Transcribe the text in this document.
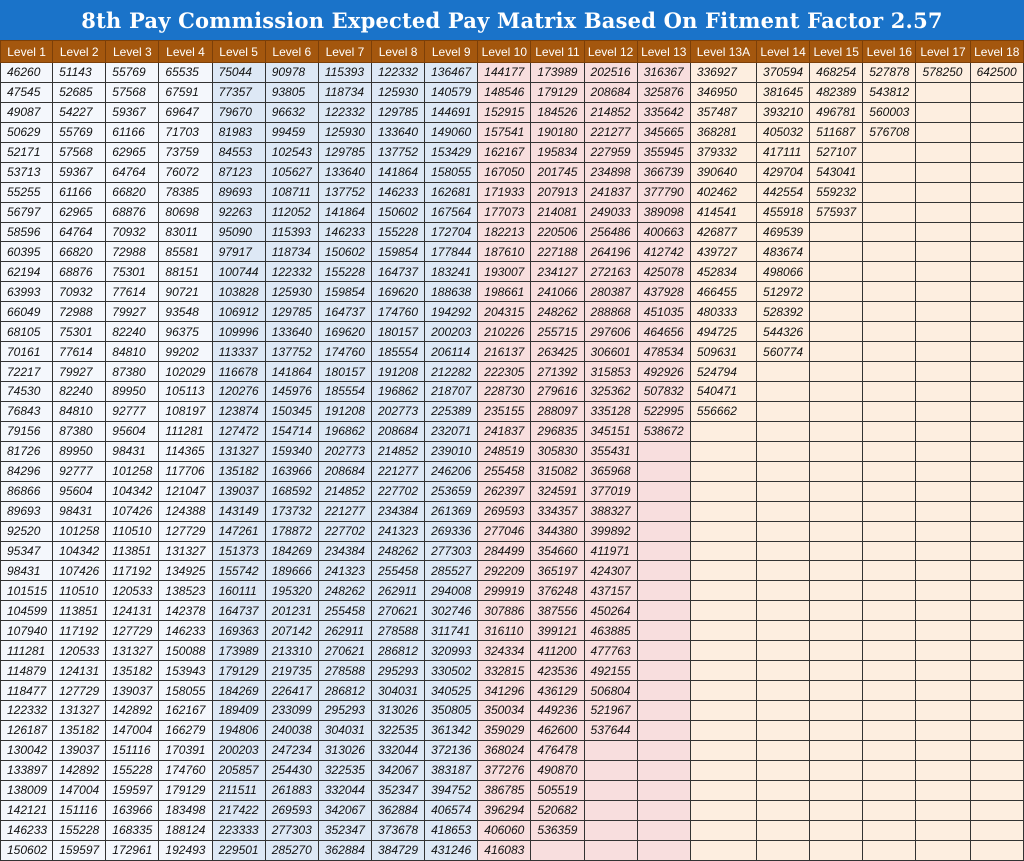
8th Pay Commission Expected Pay Matrix Based On Fitment Factor 2.57
Level 1	Level 2	Level 3	Level 4	Level 5	Level 6	Level 7	Level 8	Level 9	Level 10	Level 11	Level 12	Level 13	Level 13A	Level 14	Level 15	Level 16	Level 17	Level 18
46260	51143	55769	65535	75044	90978	115393	122332	136467	144177	173989	202516	316367	336927	370594	468254	527878	578250	642500
47545	52685	57568	67591	77357	93805	118734	125930	140579	148546	179129	208684	325876	346950	381645	482389	543812		
49087	54227	59367	69647	79670	96632	122332	129785	144691	152915	184526	214852	335642	357487	393210	496781	560003		
50629	55769	61166	71703	81983	99459	125930	133640	149060	157541	190180	221277	345665	368281	405032	511687	576708		
52171	57568	62965	73759	84553	102543	129785	137752	153429	162167	195834	227959	355945	379332	417111	527107			
53713	59367	64764	76072	87123	105627	133640	141864	158055	167050	201745	234898	366739	390640	429704	543041			
55255	61166	66820	78385	89693	108711	137752	146233	162681	171933	207913	241837	377790	402462	442554	559232			
56797	62965	68876	80698	92263	112052	141864	150602	167564	177073	214081	249033	389098	414541	455918	575937			
58596	64764	70932	83011	95090	115393	146233	155228	172704	182213	220506	256486	400663	426877	469539				
60395	66820	72988	85581	97917	118734	150602	159854	177844	187610	227188	264196	412742	439727	483674				
62194	68876	75301	88151	100744	122332	155228	164737	183241	193007	234127	272163	425078	452834	498066				
63993	70932	77614	90721	103828	125930	159854	169620	188638	198661	241066	280387	437928	466455	512972				
66049	72988	79927	93548	106912	129785	164737	174760	194292	204315	248262	288868	451035	480333	528392				
68105	75301	82240	96375	109996	133640	169620	180157	200203	210226	255715	297606	464656	494725	544326				
70161	77614	84810	99202	113337	137752	174760	185554	206114	216137	263425	306601	478534	509631	560774				
72217	79927	87380	102029	116678	141864	180157	191208	212282	222305	271392	315853	492926	524794					
74530	82240	89950	105113	120276	145976	185554	196862	218707	228730	279616	325362	507832	540471					
76843	84810	92777	108197	123874	150345	191208	202773	225389	235155	288097	335128	522995	556662					
79156	87380	95604	111281	127472	154714	196862	208684	232071	241837	296835	345151	538672						
81726	89950	98431	114365	131327	159340	202773	214852	239010	248519	305830	355431							
84296	92777	101258	117706	135182	163966	208684	221277	246206	255458	315082	365968							
86866	95604	104342	121047	139037	168592	214852	227702	253659	262397	324591	377019							
89693	98431	107426	124388	143149	173732	221277	234384	261369	269593	334357	388327							
92520	101258	110510	127729	147261	178872	227702	241323	269336	277046	344380	399892							
95347	104342	113851	131327	151373	184269	234384	248262	277303	284499	354660	411971							
98431	107426	117192	134925	155742	189666	241323	255458	285527	292209	365197	424307							
101515	110510	120533	138523	160111	195320	248262	262911	294008	299919	376248	437157							
104599	113851	124131	142378	164737	201231	255458	270621	302746	307886	387556	450264							
107940	117192	127729	146233	169363	207142	262911	278588	311741	316110	399121	463885							
111281	120533	131327	150088	173989	213310	270621	286812	320993	324334	411200	477763							
114879	124131	135182	153943	179129	219735	278588	295293	330502	332815	423536	492155							
118477	127729	139037	158055	184269	226417	286812	304031	340525	341296	436129	506804							
122332	131327	142892	162167	189409	233099	295293	313026	350805	350034	449236	521967							
126187	135182	147004	166279	194806	240038	304031	322535	361342	359029	462600	537644							
130042	139037	151116	170391	200203	247234	313026	332044	372136	368024	476478								
133897	142892	155228	174760	205857	254430	322535	342067	383187	377276	490870								
138009	147004	159597	179129	211511	261883	332044	352347	394752	386785	505519								
142121	151116	163966	183498	217422	269593	342067	362884	406574	396294	520682								
146233	155228	168335	188124	223333	277303	352347	373678	418653	406060	536359								
150602	159597	172961	192493	229501	285270	362884	384729	431246	416083									
